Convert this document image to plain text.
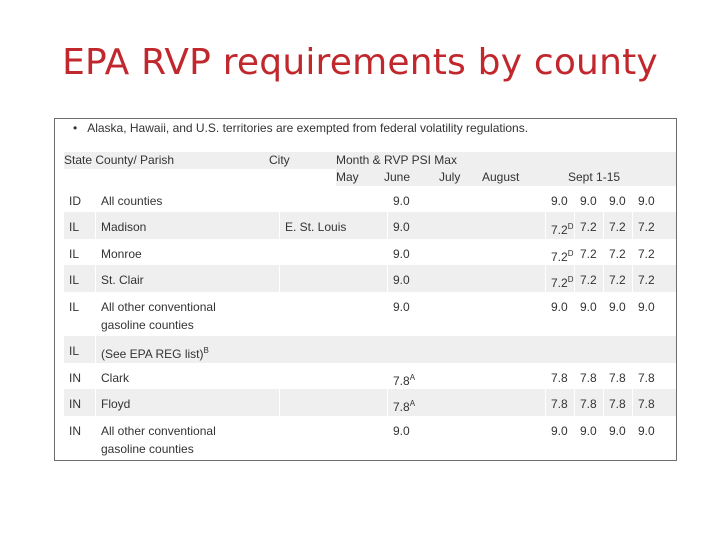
EPA RVP requirements by county
• Alaska, Hawaii, and U.S. territories are exempted from federal volatility regulations.
State County/ Parish	City	Month & RVP PSI Max
May June July August	Sept 1-15
ID All counties	9.0	9.0 9.0 9.0 9.0
IL Madison	E. St. Louis	9.0	$7.2^D$ 7.2 7.2 7.2
IL Monroe	9.0	$7.2^D$ 7.2 7.2 7.2
IL St. Clair	9.0	$7.2^D$ 7.2 7.2 7.2
IL All other conventional
gasoline counties
9.0	9.0 9.0 9.0 9.0
IL (See EPA REG list)$^B$
IN Clark	$7.8^A$	7.8 7.8 7.8 7.8
IN Floyd	$7.8^A$	7.8 7.8 7.8 7.8
IN All other conventional
gasoline counties
9.0	9.0 9.0 9.0 9.0
